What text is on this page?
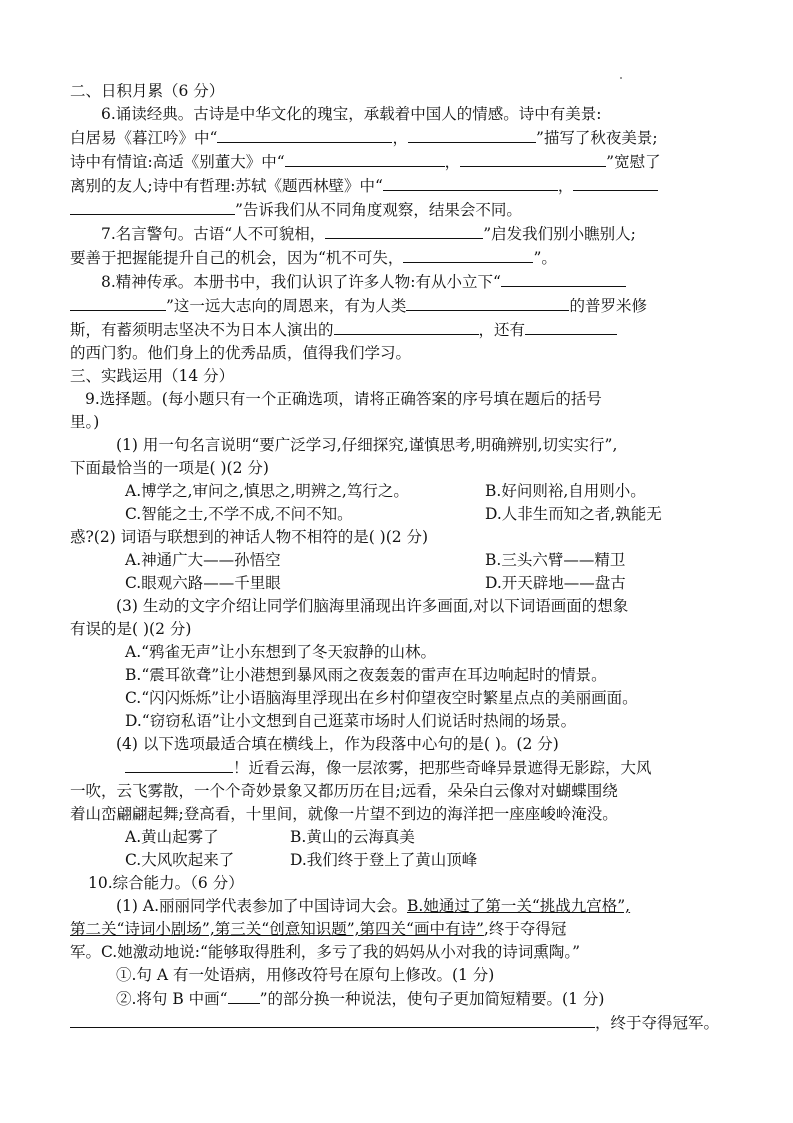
二、日积月累（6 分）
6.诵读经典。古诗是中华文化的瑰宝，承载着中国人的情感。诗中有美景:
白居易《暮江吟》中“	，	”描写了秋夜美景;
诗中有情谊:高适《别董大》中“	，	”宽慰了
离别的友人;诗中有哲理:苏轼《题西林壁》中“	，
”告诉我们从不同角度观察，结果会不同。
7.名言警句。古语“人不可貌相，	”启发我们别小瞧别人;
要善于把握能提升自己的机会，因为“机不可失，	”。
8.精神传承。本册书中，我们认识了许多人物:有从小立下“
”这一远大志向的周恩来，有为人类	的普罗米修
斯，有蓄须明志坚决不为日本人演出的	，还有
的西门豹。他们身上的优秀品质，值得我们学习。
三、实践运用（14 分）
9.选择题。(每小题只有一个正确选项，请将正确答案的序号填在题后的括号
里。)
(1) 用一句名言说明“要广泛学习,仔细探究,谨慎思考,明确辨别,切实实行”,
下面最恰当的一项是( )(2 分)
A.博学之,审问之,慎思之,明辨之,笃行之。	B.好问则裕,自用则小。
C.智能之士,不学不成,不问不知。	D.人非生而知之者,孰能无
惑?(2) 词语与联想到的神话人物不相符的是( )(2 分)
A.神通广大——孙悟空	B.三头六臂——精卫
C.眼观六路——千里眼	D.开天辟地——盘古
(3) 生动的文字介绍让同学们脑海里涌现出许多画面,对以下词语画面的想象
有误的是( )(2 分)
A.“鸦雀无声”让小东想到了冬天寂静的山林。
B.“震耳欲聋”让小港想到暴风雨之夜轰轰的雷声在耳边响起时的情景。
C.“闪闪烁烁”让小语脑海里浮现出在乡村仰望夜空时繁星点点的美丽画面。
D.“窃窃私语”让小文想到自己逛菜市场时人们说话时热闹的场景。
(4) 以下选项最适合填在横线上，作为段落中心句的是( )。(2 分)
！近看云海，像一层浓雾，把那些奇峰异景遮得无影踪，大风
一吹，云飞雾散，一个个奇妙景象又都历历在目;远看，朵朵白云像对对蝴蝶围绕
着山峦翩翩起舞;登高看，十里间，就像一片望不到边的海洋把一座座峻岭淹没。
A.黄山起雾了	B.黄山的云海真美
C.大风吹起来了	D.我们终于登上了黄山顶峰
10.综合能力。（6 分）
(1) A.丽丽同学代表参加了中国诗词大会。B.她通过了第一关“挑战九宫格”,
第二关“诗词小剧场”,第三关“创意知识题”,第四关“画中有诗”,终于夺得冠
军。C.她激动地说:“能够取得胜利，多亏了我的妈妈从小对我的诗词熏陶。”
①.句 A 有一处语病，用修改符号在原句上修改。(1 分)
②.将句 B 中画“ ”的部分换一种说法，使句子更加简短精要。(1 分)
，终于夺得冠军。
